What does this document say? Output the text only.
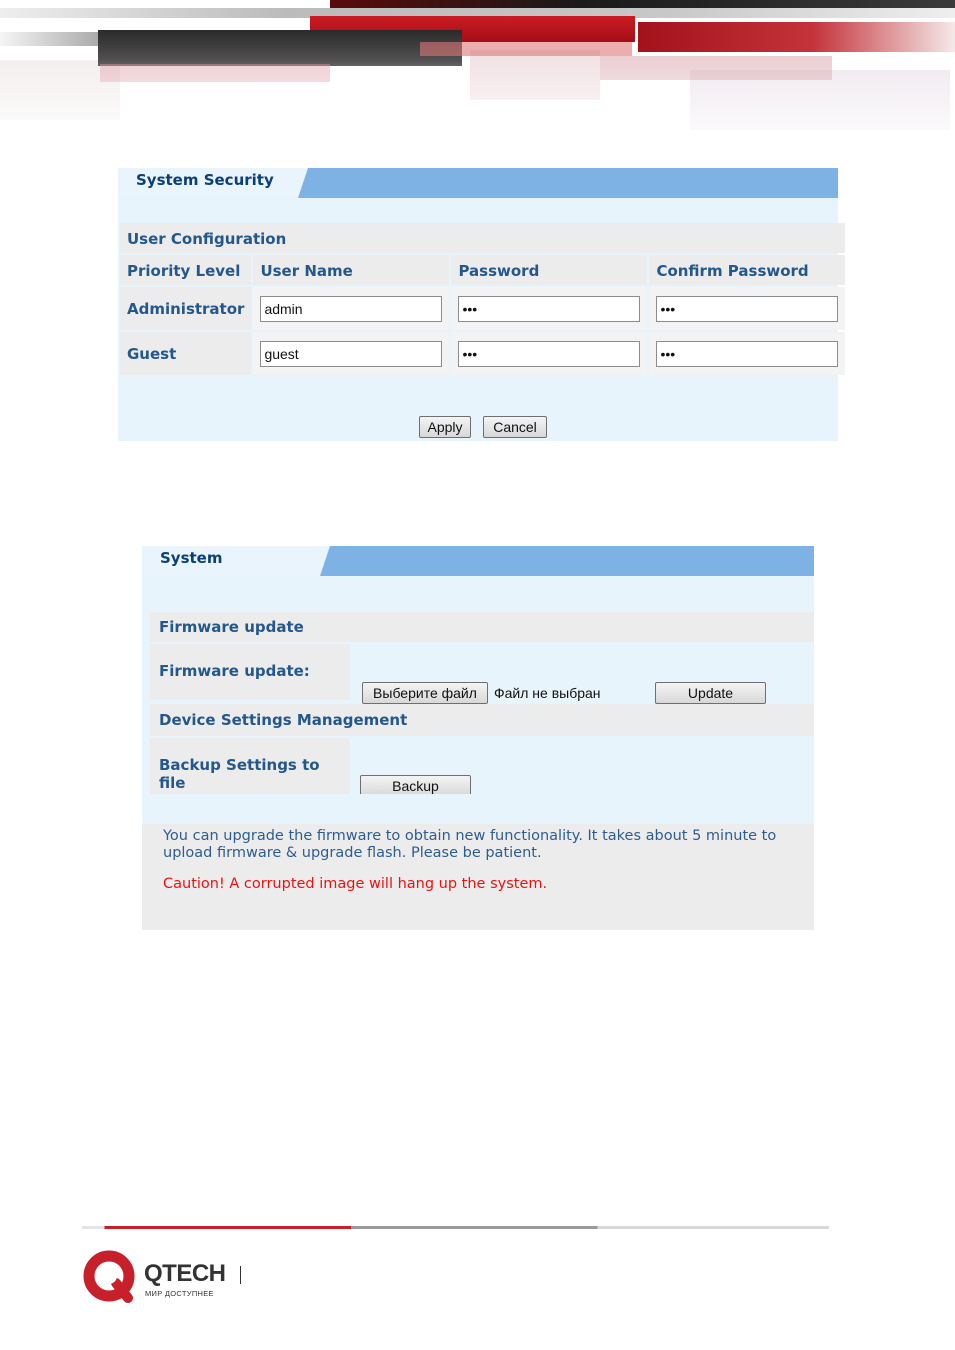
System Security
User Configuration			
Priority Level	User Name	Password	Confirm Password
Administrator	admin	•••	•••
Guest	guest	•••	•••
Apply	Cancel
System
Firmware update
Firmware update:
Выберите файл	Файл не выбран	Update
Device Settings Management
Backup Settings to file	Backup
You can upgrade the firmware to obtain new functionality. It takes about 5 minute to
upload firmware & upgrade flash. Please be patient.
Caution! A corrupted image will hang up the system.
QTECH
МИР ДОСТУПНЕЕ
